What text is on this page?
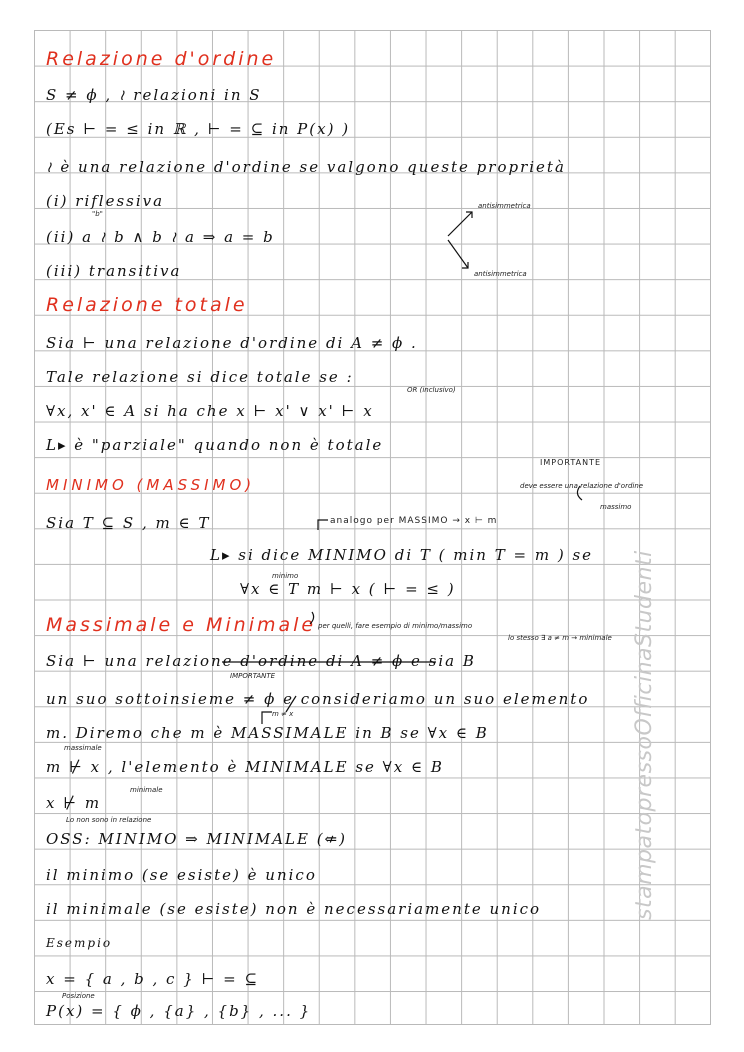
Relazione d'ordine
S ≠ ϕ , ≀ relazioni in S
(Es ⊢ = ≤ in ℝ , ⊢ = ⊆ in P(x) )
≀ è una relazione d'ordine se valgono queste proprietà
(i) riflessiva
(ii) a ≀ b ∧ b ≀ a ⇒ a = b
"b"
(iii) transitiva
antisimmetrica
antisimmetrica
Relazione totale
Sia ⊢ una relazione d'ordine di A ≠ ϕ .
Tale relazione si dice totale se :
OR (inclusivo)
∀x, x' ∈ A si ha che x ⊢ x' ∨ x' ⊢ x
L▸ è "parziale" quando non è totale
IMPORTANTE
deve essere una relazione d'ordine
MINIMO (MASSIMO)
massimo
Sia T ⊆ S , m ∈ T	analogo per MASSIMO → x ⊢ m
L▸ si dice MINIMO di T ( min T = m ) se
minimo
∀x ∈ T m ⊢ x ( ⊢ = ≤ )
Massimale e Minimale per quelli, fare esempio di minimo/massimo
lo stesso ∃ a ≠ m → minimale
Sia ⊢ una relazione d'ordine di A ≠ ϕ e sia B
IMPORTANTE
un suo sottoinsieme ≠ ϕ e consideriamo un suo elemento
m ≠ x
m. Diremo che m è MASSIMALE in B se ∀x ∈ B
massimale
m ⊬ x , l'elemento è MINIMALE se ∀x ∈ B
minimale
x ⊬ m
Lo non sono in relazione
OSS: MINIMO ⇒ MINIMALE (⇍)
il minimo (se esiste) è unico
il minimale (se esiste) non è necessariamente unico
Esempio
x = { a , b , c } ⊢ = ⊆
Posizione
P(x) = { ϕ , {a} , {b} , ... }
stampatopressoOfficinaStudenti
